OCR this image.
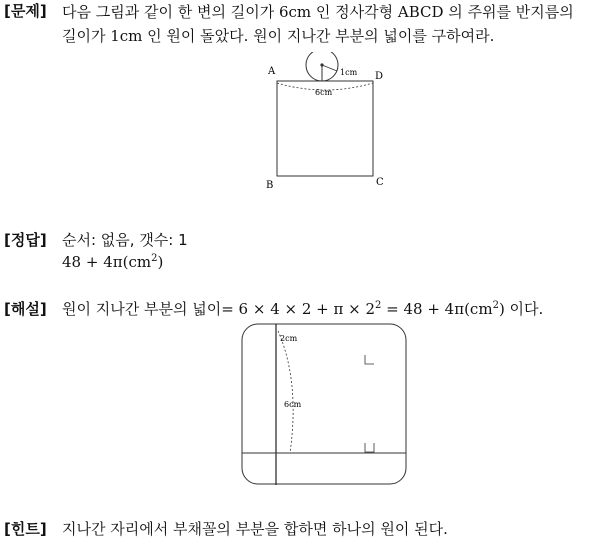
[문제] 다음 그림과 같이 한 변의 길이가 6cm 인 정사각형 ABCD 의 주위를 반지름의
길이가 1cm 인 원이 돌았다. 원이 지나간 부분의 넓이를 구하여라.
A	D
B	C
1cm
6cm
[정답] 순서: 없음, 갯수: 1
$48 + 4\pi(cm^2)$
[해설] 원이 지나간 부분의 넓이= $6 \times 4 \times 2 + \pi \times 2^2 = 48 + 4\pi(cm^2)$ 이다.
2cm
6cm
[힌트] 지나간 자리에서 부채꼴의 부분을 합하면 하나의 원이 된다.
